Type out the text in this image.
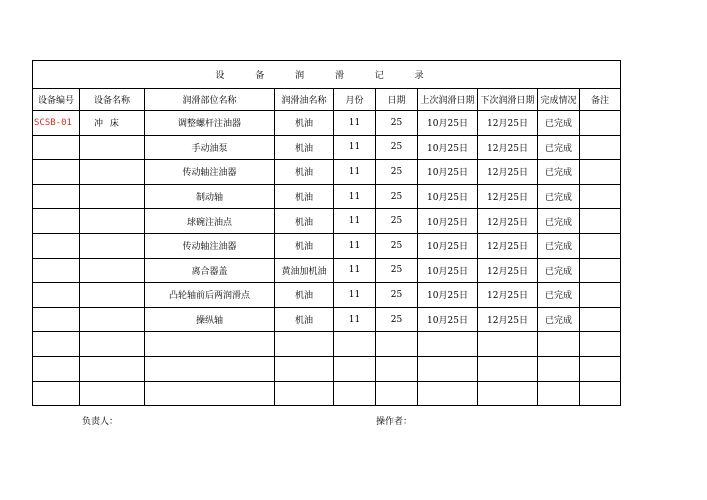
设 备 润 滑 记 录									
设备编号	设备名称	润滑部位名称	润滑油名称	月份	日期	上次润滑日期	下次润滑日期	完成情况	备注
SCSB-01	冲 床	调整螺杆注油器	机油	11	25	10月25日	12月25日	已完成	
		手动油泵	机油	11	25	10月25日	12月25日	已完成	
		传动轴注油器	机油	11	25	10月25日	12月25日	已完成	
		制动轴	机油	11	25	10月25日	12月25日	已完成	
		球碗注油点	机油	11	25	10月25日	12月25日	已完成	
		传动轴注油器	机油	11	25	10月25日	12月25日	已完成	
		离合器盖	黄油加机油	11	25	10月25日	12月25日	已完成	
		凸轮轴前后两润滑点	机油	11	25	10月25日	12月25日	已完成	
		操纵轴	机油	11	25	10月25日	12月25日	已完成	

负责人：	操作者：
